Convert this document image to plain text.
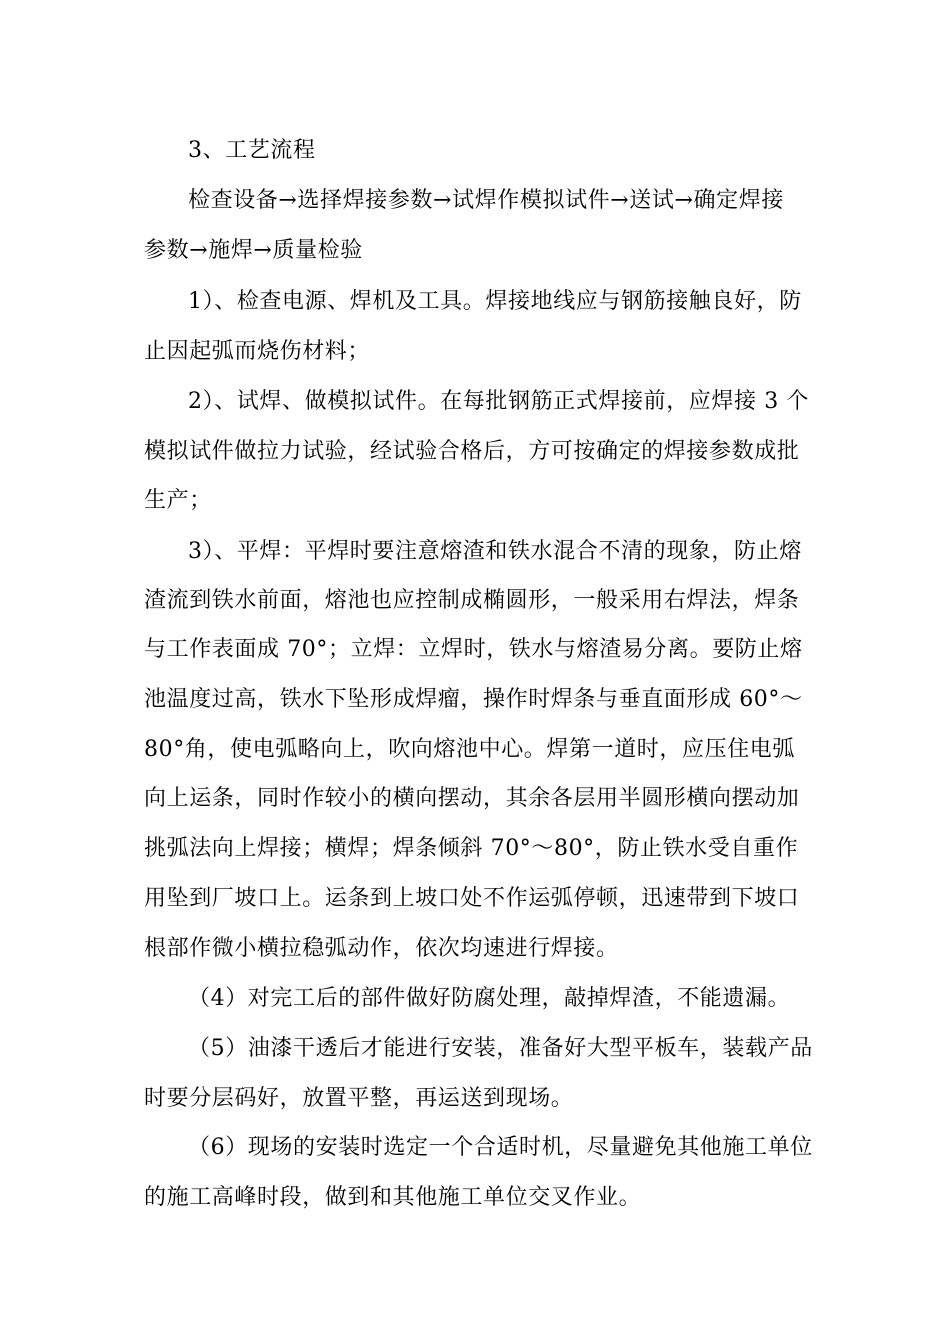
3、工艺流程
检查设备→选择焊接参数→试焊作模拟试件→送试→确定焊接
参数→施焊→质量检验
1）、检查电源、焊机及工具。焊接地线应与钢筋接触良好，防
止因起弧而烧伤材料；
2）、试焊、做模拟试件。在每批钢筋正式焊接前，应焊接 3 个
模拟试件做拉力试验，经试验合格后，方可按确定的焊接参数成批
生产；
3）、平焊：平焊时要注意熔渣和铁水混合不清的现象，防止熔
渣流到铁水前面，熔池也应控制成椭圆形，一般采用右焊法，焊条
与工作表面成 70°；立焊：立焊时，铁水与熔渣易分离。要防止熔
池温度过高，铁水下坠形成焊瘤，操作时焊条与垂直面形成 60°～
80°角，使电弧略向上，吹向熔池中心。焊第一道时，应压住电弧
向上运条，同时作较小的横向摆动，其余各层用半圆形横向摆动加
挑弧法向上焊接；横焊；焊条倾斜 70°～80°，防止铁水受自重作
用坠到厂坡口上。运条到上坡口处不作运弧停顿，迅速带到下坡口
根部作微小横拉稳弧动作，依次均速进行焊接。
（4）对完工后的部件做好防腐处理，敲掉焊渣，不能遗漏。
（5）油漆干透后才能进行安装，准备好大型平板车，装载产品
时要分层码好，放置平整，再运送到现场。
（6）现场的安装时选定一个合适时机，尽量避免其他施工单位
的施工高峰时段，做到和其他施工单位交叉作业。
